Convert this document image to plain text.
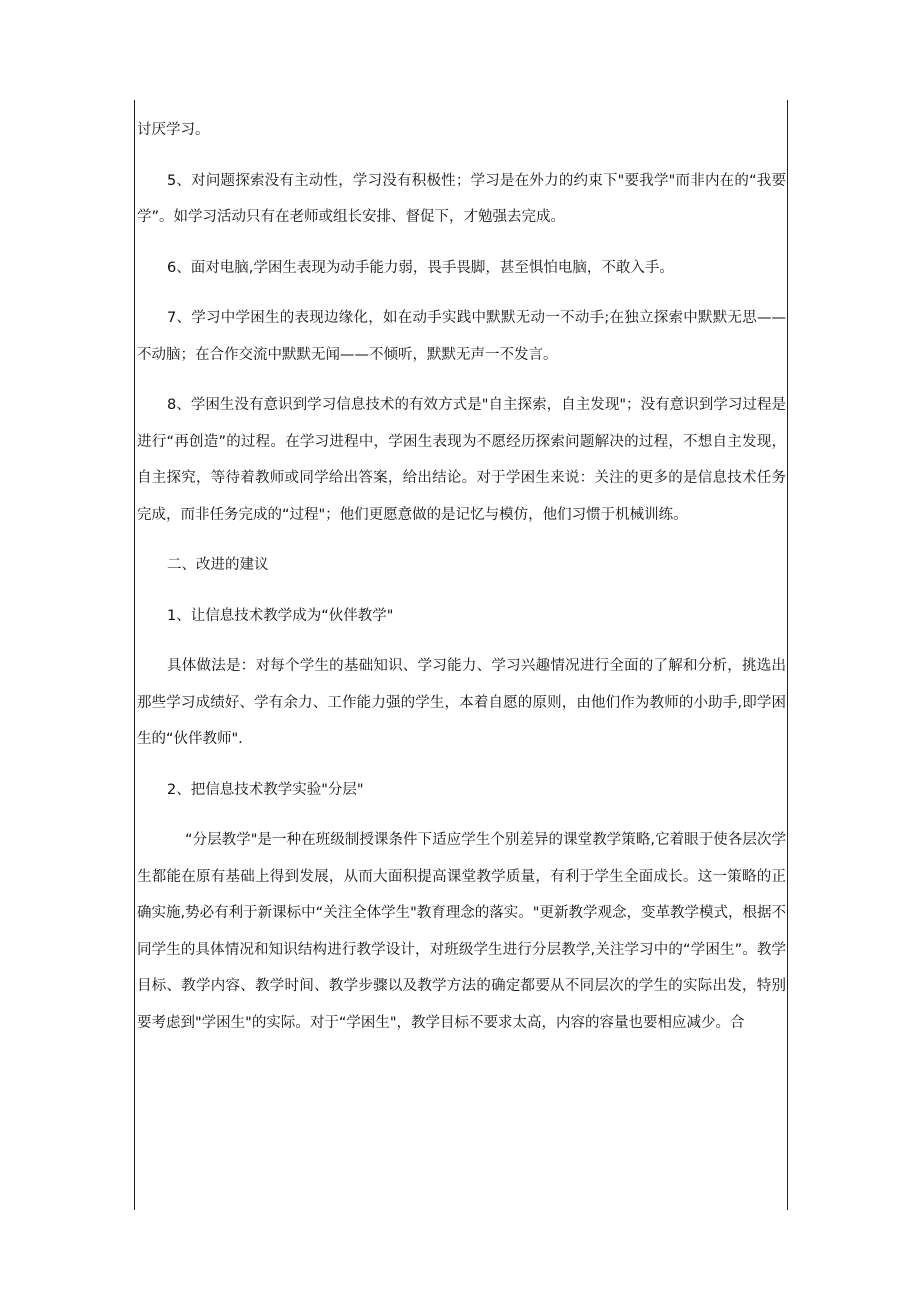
讨厌学习。

5、对问题探索没有主动性，学习没有积极性；学习是在外力的约束下"要我学"而非内在的“我要学”。如学习活动只有在老师或组长安排、督促下，才勉强去完成。

6、面对电脑,学困生表现为动手能力弱，畏手畏脚，甚至惧怕电脑，不敢入手。

7、学习中学困生的表现边缘化，如在动手实践中默默无动一不动手;在独立探索中默默无思——不动脑；在合作交流中默默无闻——不倾听，默默无声一不发言。

8、学困生没有意识到学习信息技术的有效方式是"自主探索，自主发现"；没有意识到学习过程是进行“再创造”的过程。在学习进程中，学困生表现为不愿经历探索问题解决的过程，不想自主发现，自主探究，等待着教师或同学给出答案，给出结论。对于学困生来说：关注的更多的是信息技术任务完成，而非任务完成的“过程"；他们更愿意做的是记忆与模仿，他们习惯于机械训练。

二、改进的建议

1、让信息技术教学成为“伙伴教学"

具体做法是：对每个学生的基础知识、学习能力、学习兴趣情况进行全面的了解和分析，挑选出那些学习成绩好、学有余力、工作能力强的学生，本着自愿的原则，由他们作为教师的小助手,即学困生的“伙伴教师".

2、把信息技术教学实验"分层"

“分层教学"是一种在班级制授课条件下适应学生个别差异的课堂教学策略,它着眼于使各层次学生都能在原有基础上得到发展，从而大面积提高课堂教学质量，有利于学生全面成长。这一策略的正确实施,势必有利于新课标中“关注全体学生"教育理念的落实。"更新教学观念，变革教学模式，根据不同学生的具体情况和知识结构进行教学设计，对班级学生进行分层教学,关注学习中的“学困生”。教学目标、教学内容、教学时间、教学步骤以及教学方法的确定都要从不同层次的学生的实际出发，特别要考虑到"学困生"的实际。对于“学困生"，教学目标不要求太高，内容的容量也要相应减少。合
